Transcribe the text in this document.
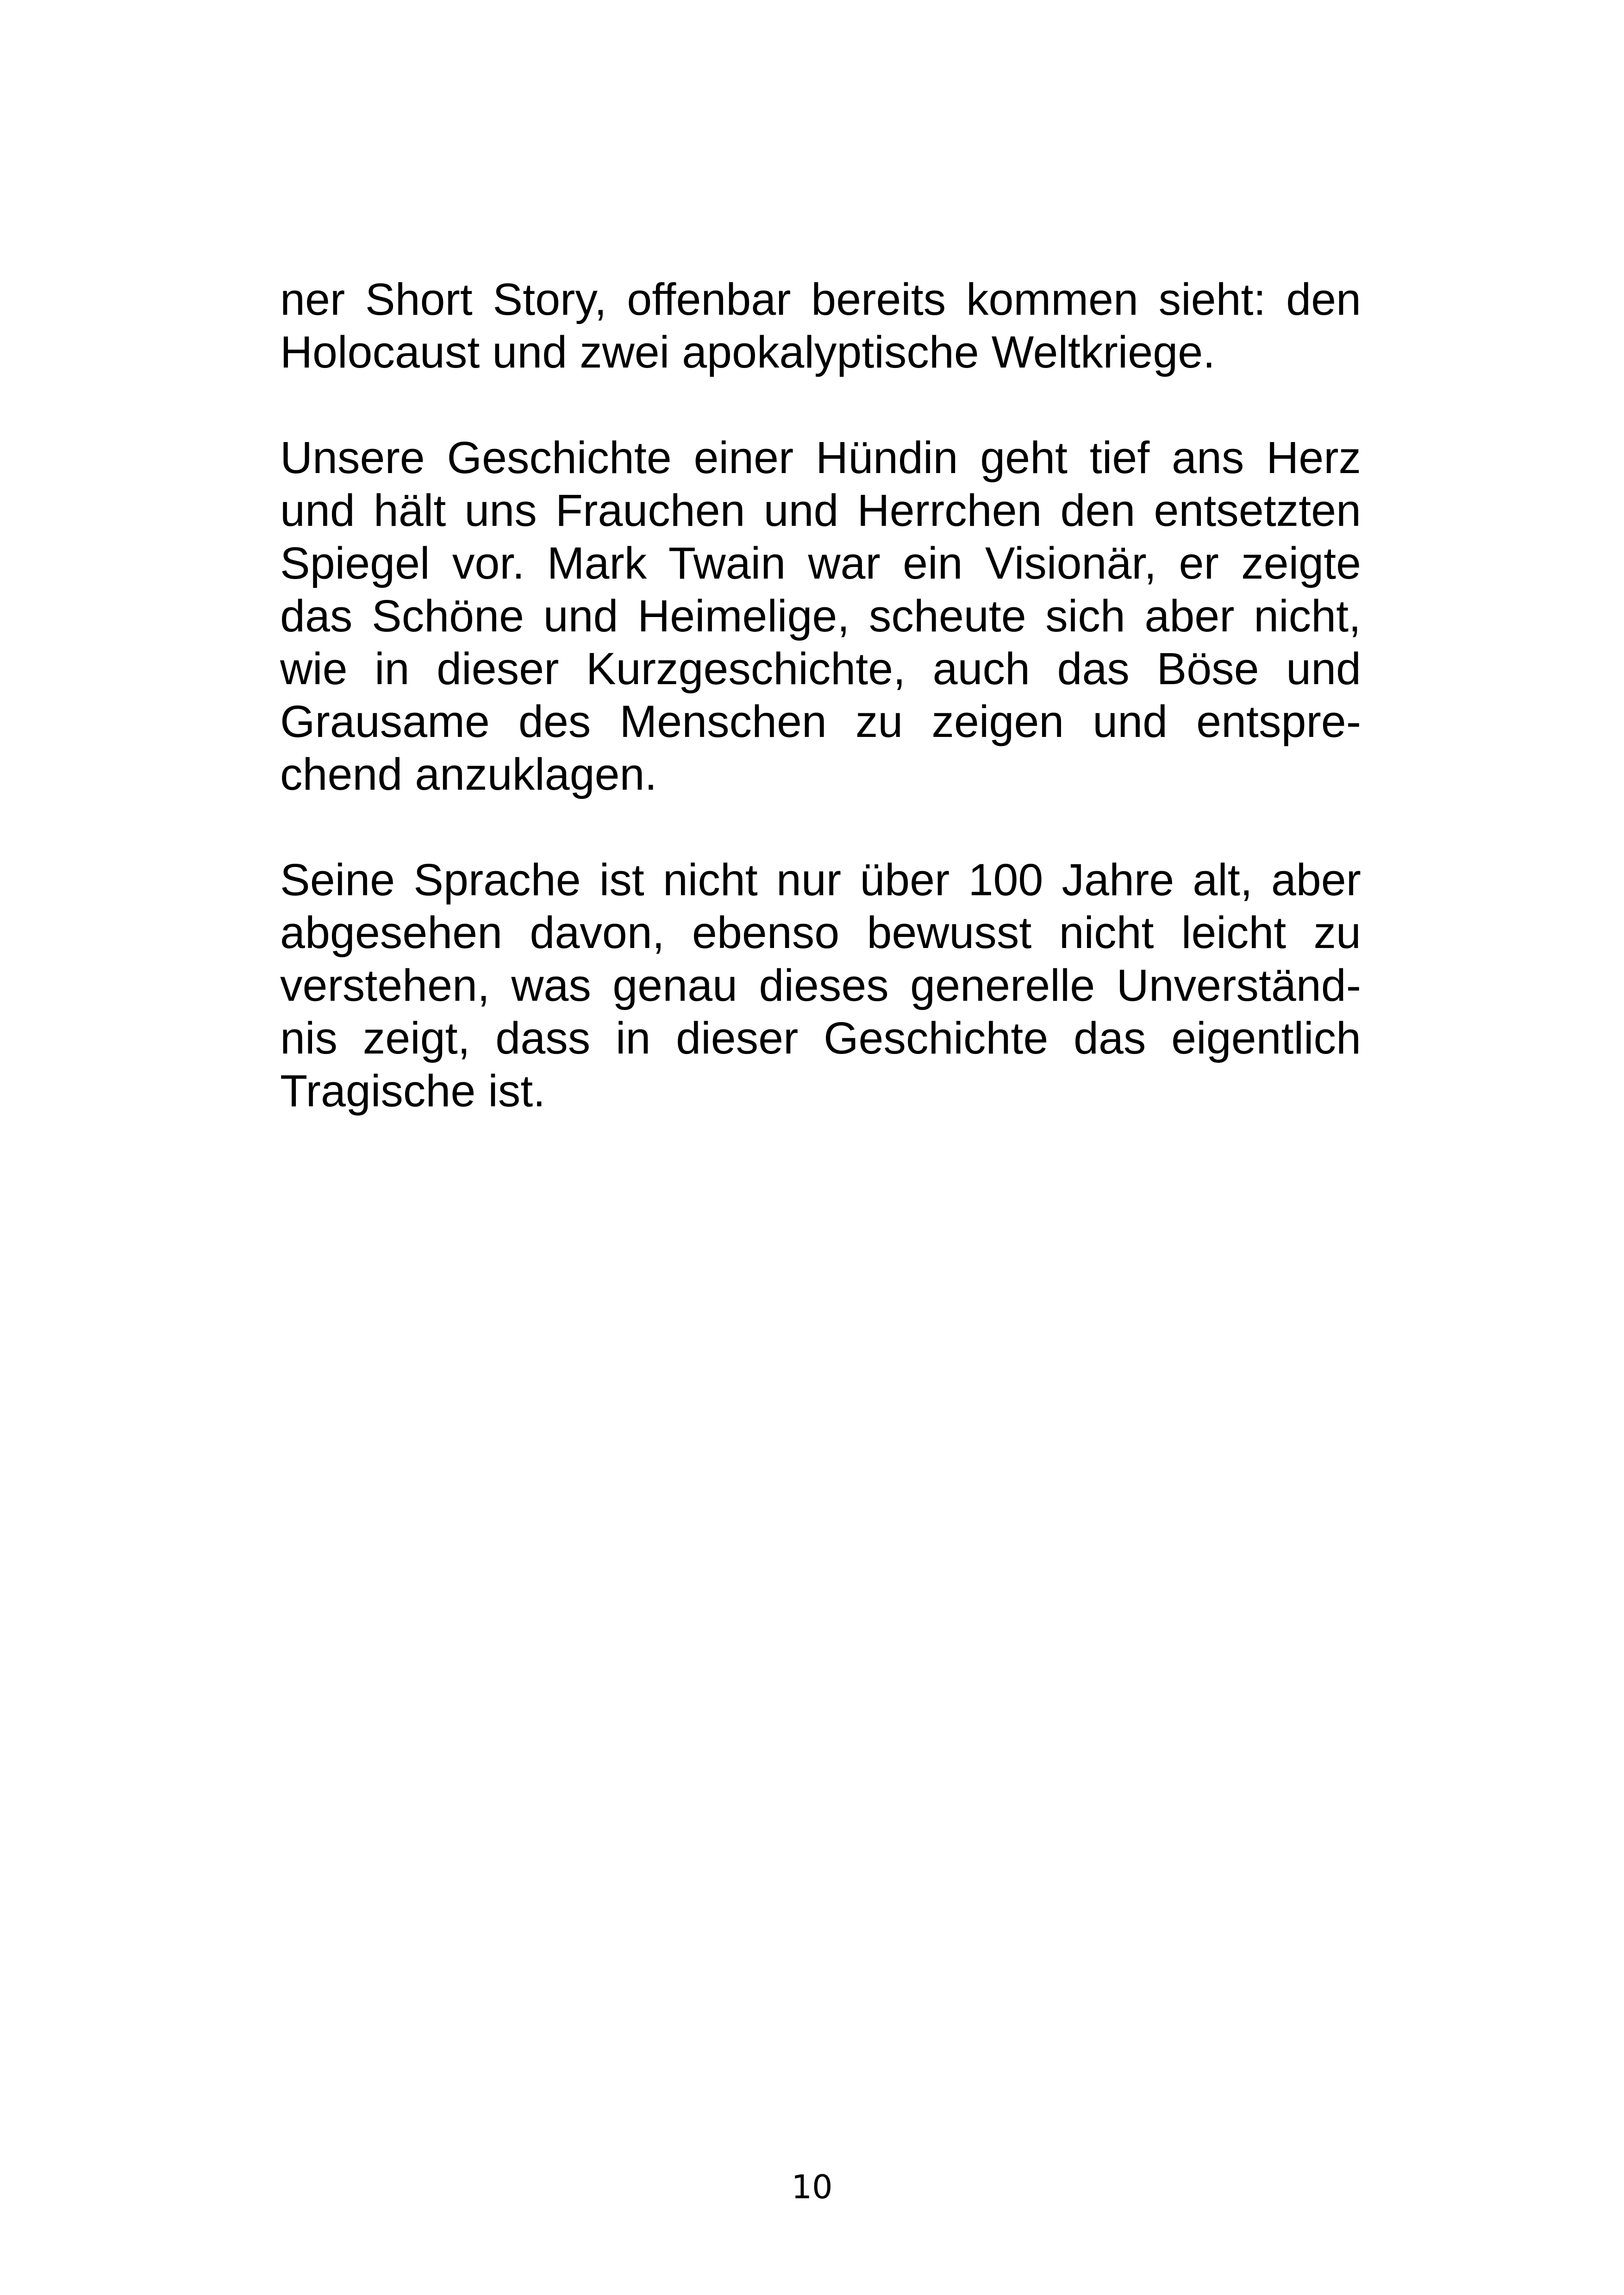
ner Short Story, offenbar bereits kommen sieht: den
Holocaust und zwei apokalyptische Weltkriege.

Unsere Geschichte einer Hündin geht tief ans Herz
und hält uns Frauchen und Herrchen den entsetzten
Spiegel vor. Mark Twain war ein Visionär, er zeigte
das Schöne und Heimelige, scheute sich aber nicht,
wie in dieser Kurzgeschichte, auch das Böse und
Grausame des Menschen zu zeigen und entspre-
chend anzuklagen.

Seine Sprache ist nicht nur über 100 Jahre alt, aber
abgesehen davon, ebenso bewusst nicht leicht zu
verstehen, was genau dieses generelle Unverständ-
nis zeigt, dass in dieser Geschichte das eigentlich
Tragische ist.

10
